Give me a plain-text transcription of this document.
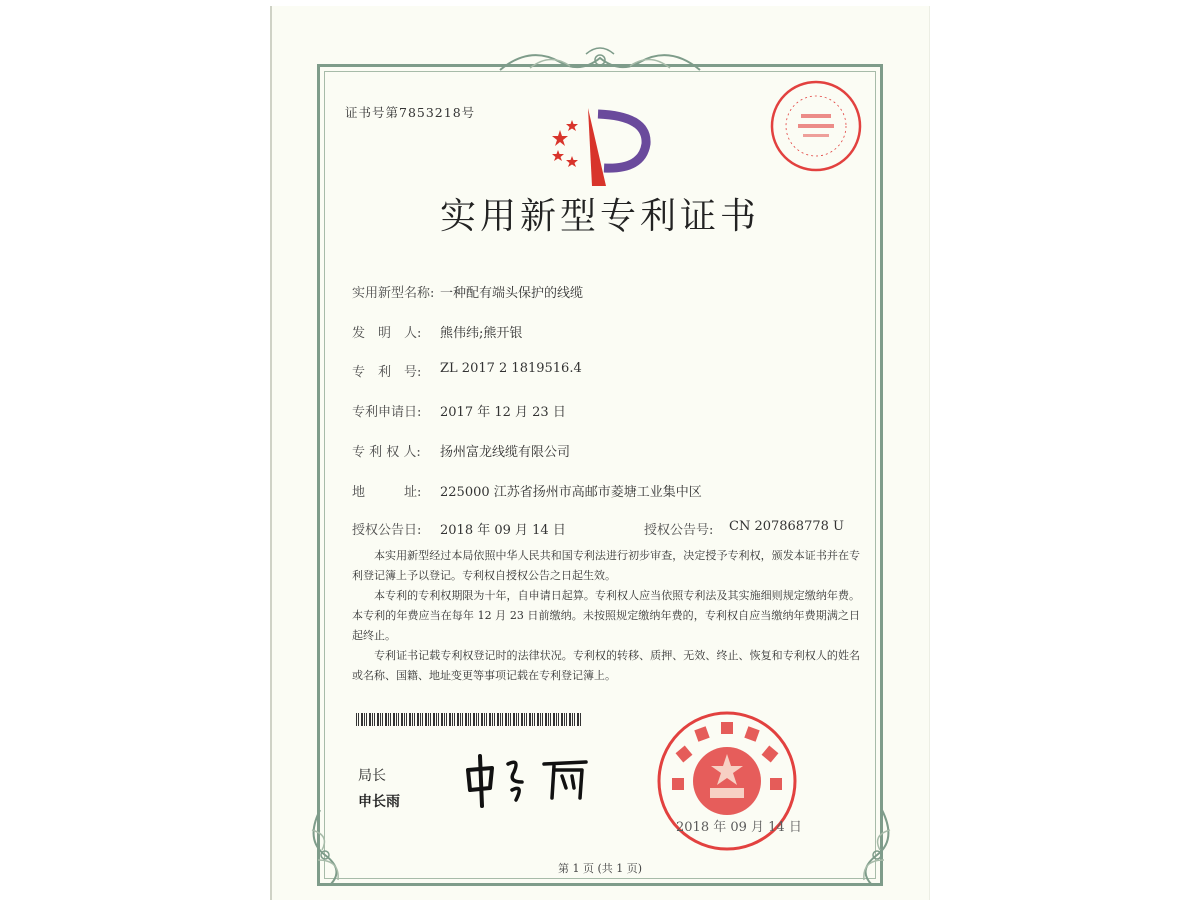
证书号第7853218号
实用新型专利证书
实用新型名称: 一种配有端头保护的线缆
发　明　人: 熊伟纬;熊开银
专　利　号: ZL 2017 2 1819516.4
专利申请日: 2017 年 12 月 23 日
专 利 权 人: 扬州富龙线缆有限公司
地　　　址: 225000 江苏省扬州市高邮市菱塘工业集中区
授权公告日: 2018 年 09 月 14 日	授权公告号: CN 207868778 U

本实用新型经过本局依照中华人民共和国专利法进行初步审查，决定授予专利权，颁发本证书并在专利登记簿上予以登记。专利权自授权公告之日起生效。

本专利的专利权期限为十年，自申请日起算。专利权人应当依照专利法及其实施细则规定缴纳年费。本专利的年费应当在每年 12 月 23 日前缴纳。未按照规定缴纳年费的，专利权自应当缴纳年费期满之日起终止。

专利证书记载专利权登记时的法律状况。专利权的转移、质押、无效、终止、恢复和专利权人的姓名或名称、国籍、地址变更等事项记载在专利登记簿上。

局长
申长雨
2018 年 09 月 14 日
第 1 页 (共 1 页)
